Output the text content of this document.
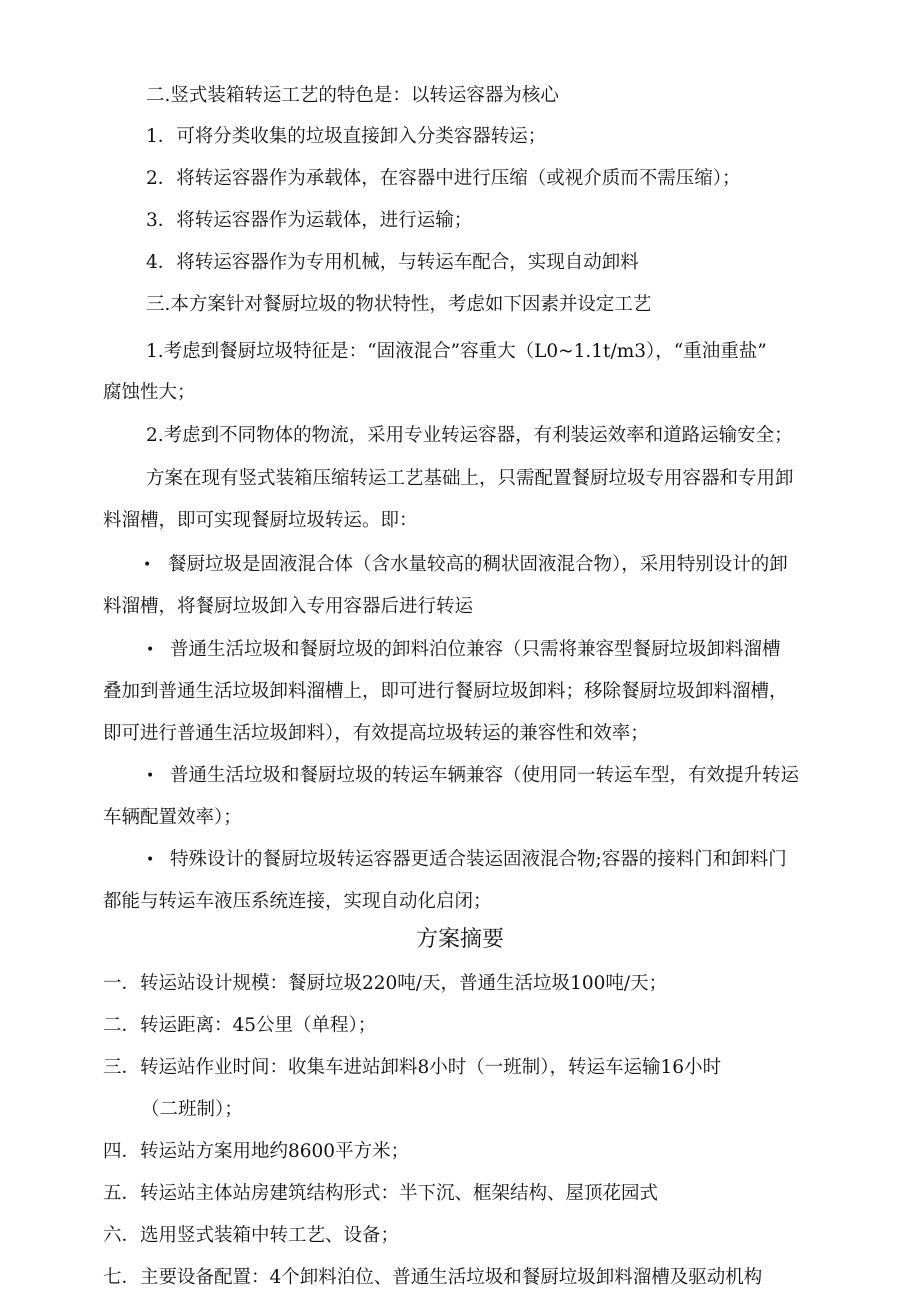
二.竖式装箱转运工艺的特色是：以转运容器为核心
1．可将分类收集的垃圾直接卸入分类容器转运；
2．将转运容器作为承载体，在容器中进行压缩（或视介质而不需压缩）；
3．将转运容器作为运载体，进行运输；
4．将转运容器作为专用机械，与转运车配合，实现自动卸料
三.本方案针对餐厨垃圾的物状特性，考虑如下因素并设定工艺
1.考虑到餐厨垃圾特征是：“固液混合”容重大（L0~1.1t/m3），“重油重盐”
腐蚀性大；
2.考虑到不同物体的物流，采用专业转运容器，有利装运效率和道路运输安全；
方案在现有竖式装箱压缩转运工艺基础上，只需配置餐厨垃圾专用容器和专用卸
料溜槽，即可实现餐厨垃圾转运。即：
• 餐厨垃圾是固液混合体（含水量较高的稠状固液混合物），采用特别设计的卸
料溜槽，将餐厨垃圾卸入专用容器后进行转运
• 普通生活垃圾和餐厨垃圾的卸料泊位兼容（只需将兼容型餐厨垃圾卸料溜槽
叠加到普通生活垃圾卸料溜槽上，即可进行餐厨垃圾卸料；移除餐厨垃圾卸料溜槽，
即可进行普通生活垃圾卸料），有效提高垃圾转运的兼容性和效率；
• 普通生活垃圾和餐厨垃圾的转运车辆兼容（使用同一转运车型，有效提升转运
车辆配置效率）；
• 特殊设计的餐厨垃圾转运容器更适合装运固液混合物;容器的接料门和卸料门
都能与转运车液压系统连接，实现自动化启闭；
方案摘要
一．转运站设计规模：餐厨垃圾220吨/天，普通生活垃圾100吨/天；
二．转运距离：45公里（单程）；
三．转运站作业时间：收集车进站卸料8小时（一班制），转运车运输16小时
（二班制）；
四．转运站方案用地约8600平方米；
五．转运站主体站房建筑结构形式：半下沉、框架结构、屋顶花园式
六．选用竖式装箱中转工艺、设备；
七．主要设备配置：4个卸料泊位、普通生活垃圾和餐厨垃圾卸料溜槽及驱动机构
